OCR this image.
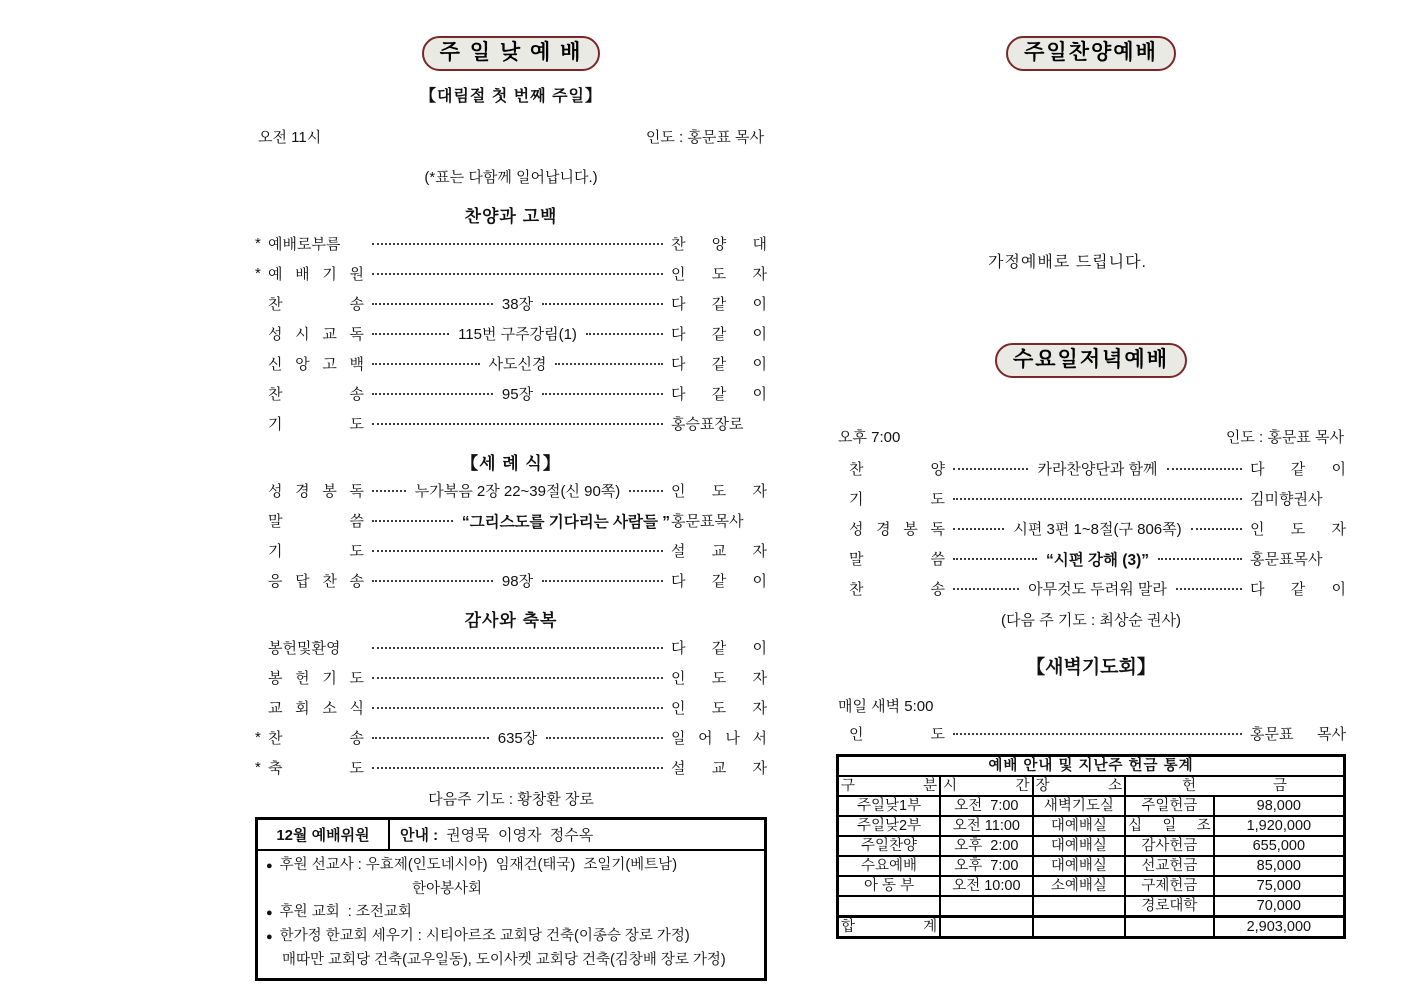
주 일 낮 예 배
【대림절 첫 번째 주일】
오전 11시	인도 : 홍문표 목사
(*표는 다함께 일어납니다.)
찬양과 고백
* 예배로부름	찬 양 대
* 예 배 기 원	인 도 자
찬 송	38장	다 같 이
성 시 교 독	115번 구주강림(1)	다 같 이
신 앙 고 백	사도신경	다 같 이
찬 송	95장	다 같 이
기 도	홍승표장로
【세 례 식】
성 경 봉 독	누가복음 2장 22~39절(신 90쪽)	인 도 자
말 씀	“그리스도를 기다리는 사람들 ” 홍문표목사
기 도	설 교 자
응 답 찬 송	98장	다 같 이
감사와 축복
봉헌및환영	다 같 이
봉 헌 기 도	인 도 자
교 회 소 식	인 도 자
* 찬 송	635장	일 어 나 서
* 축 도	설 교 자
다음주 기도 : 황창환 장로
12월 예배위원	안내 : 권영묵  이영자  정수옥
● 후원 선교사 : 우효제(인도네시아)  임재건(태국)  조일기(베트남)
한아봉사회
● 후원 교회  : 조전교회
● 한가정 한교회 세우기 : 시티아르조 교회당 건축(이종승 장로 가정)
매따만 교회당 건축(교우일동), 도이사켓 교회당 건축(김창배 장로 가정)
주일찬양예배
가정예배로 드립니다.
수요일저녁예배
오후 7:00	인도 : 홍문표 목사
찬 양	카라찬양단과 함께	다 같 이
기 도	김미향권사
성 경 봉 독	시편 3편 1~8절(구 806쪽)	인 도 자
말 씀	“시편 강해 (3)”	홍문표목사
찬 송	아무것도 두려워 말라	다 같 이
(다음 주 기도 : 최상순 권사)
【새벽기도회】
매일 새벽 5:00
인 도	홍문표 목사
예배 안내 및 지난주 헌금 통계				
구 분	시 간	장 소	헌 금	
주일낮1부	오전  7:00	새벽기도실	주일헌금	98,000
주일낮2부	오전 11:00	대예배실	십 일 조	1,920,000
주일찬양	오후  2:00	대예배실	감사헌금	655,000
수요예배	오후  7:00	대예배실	선교헌금	85,000
아 동 부	오전 10:00	소예배실	구제헌금	75,000
			경로대학	70,000
합 계				2,903,000
